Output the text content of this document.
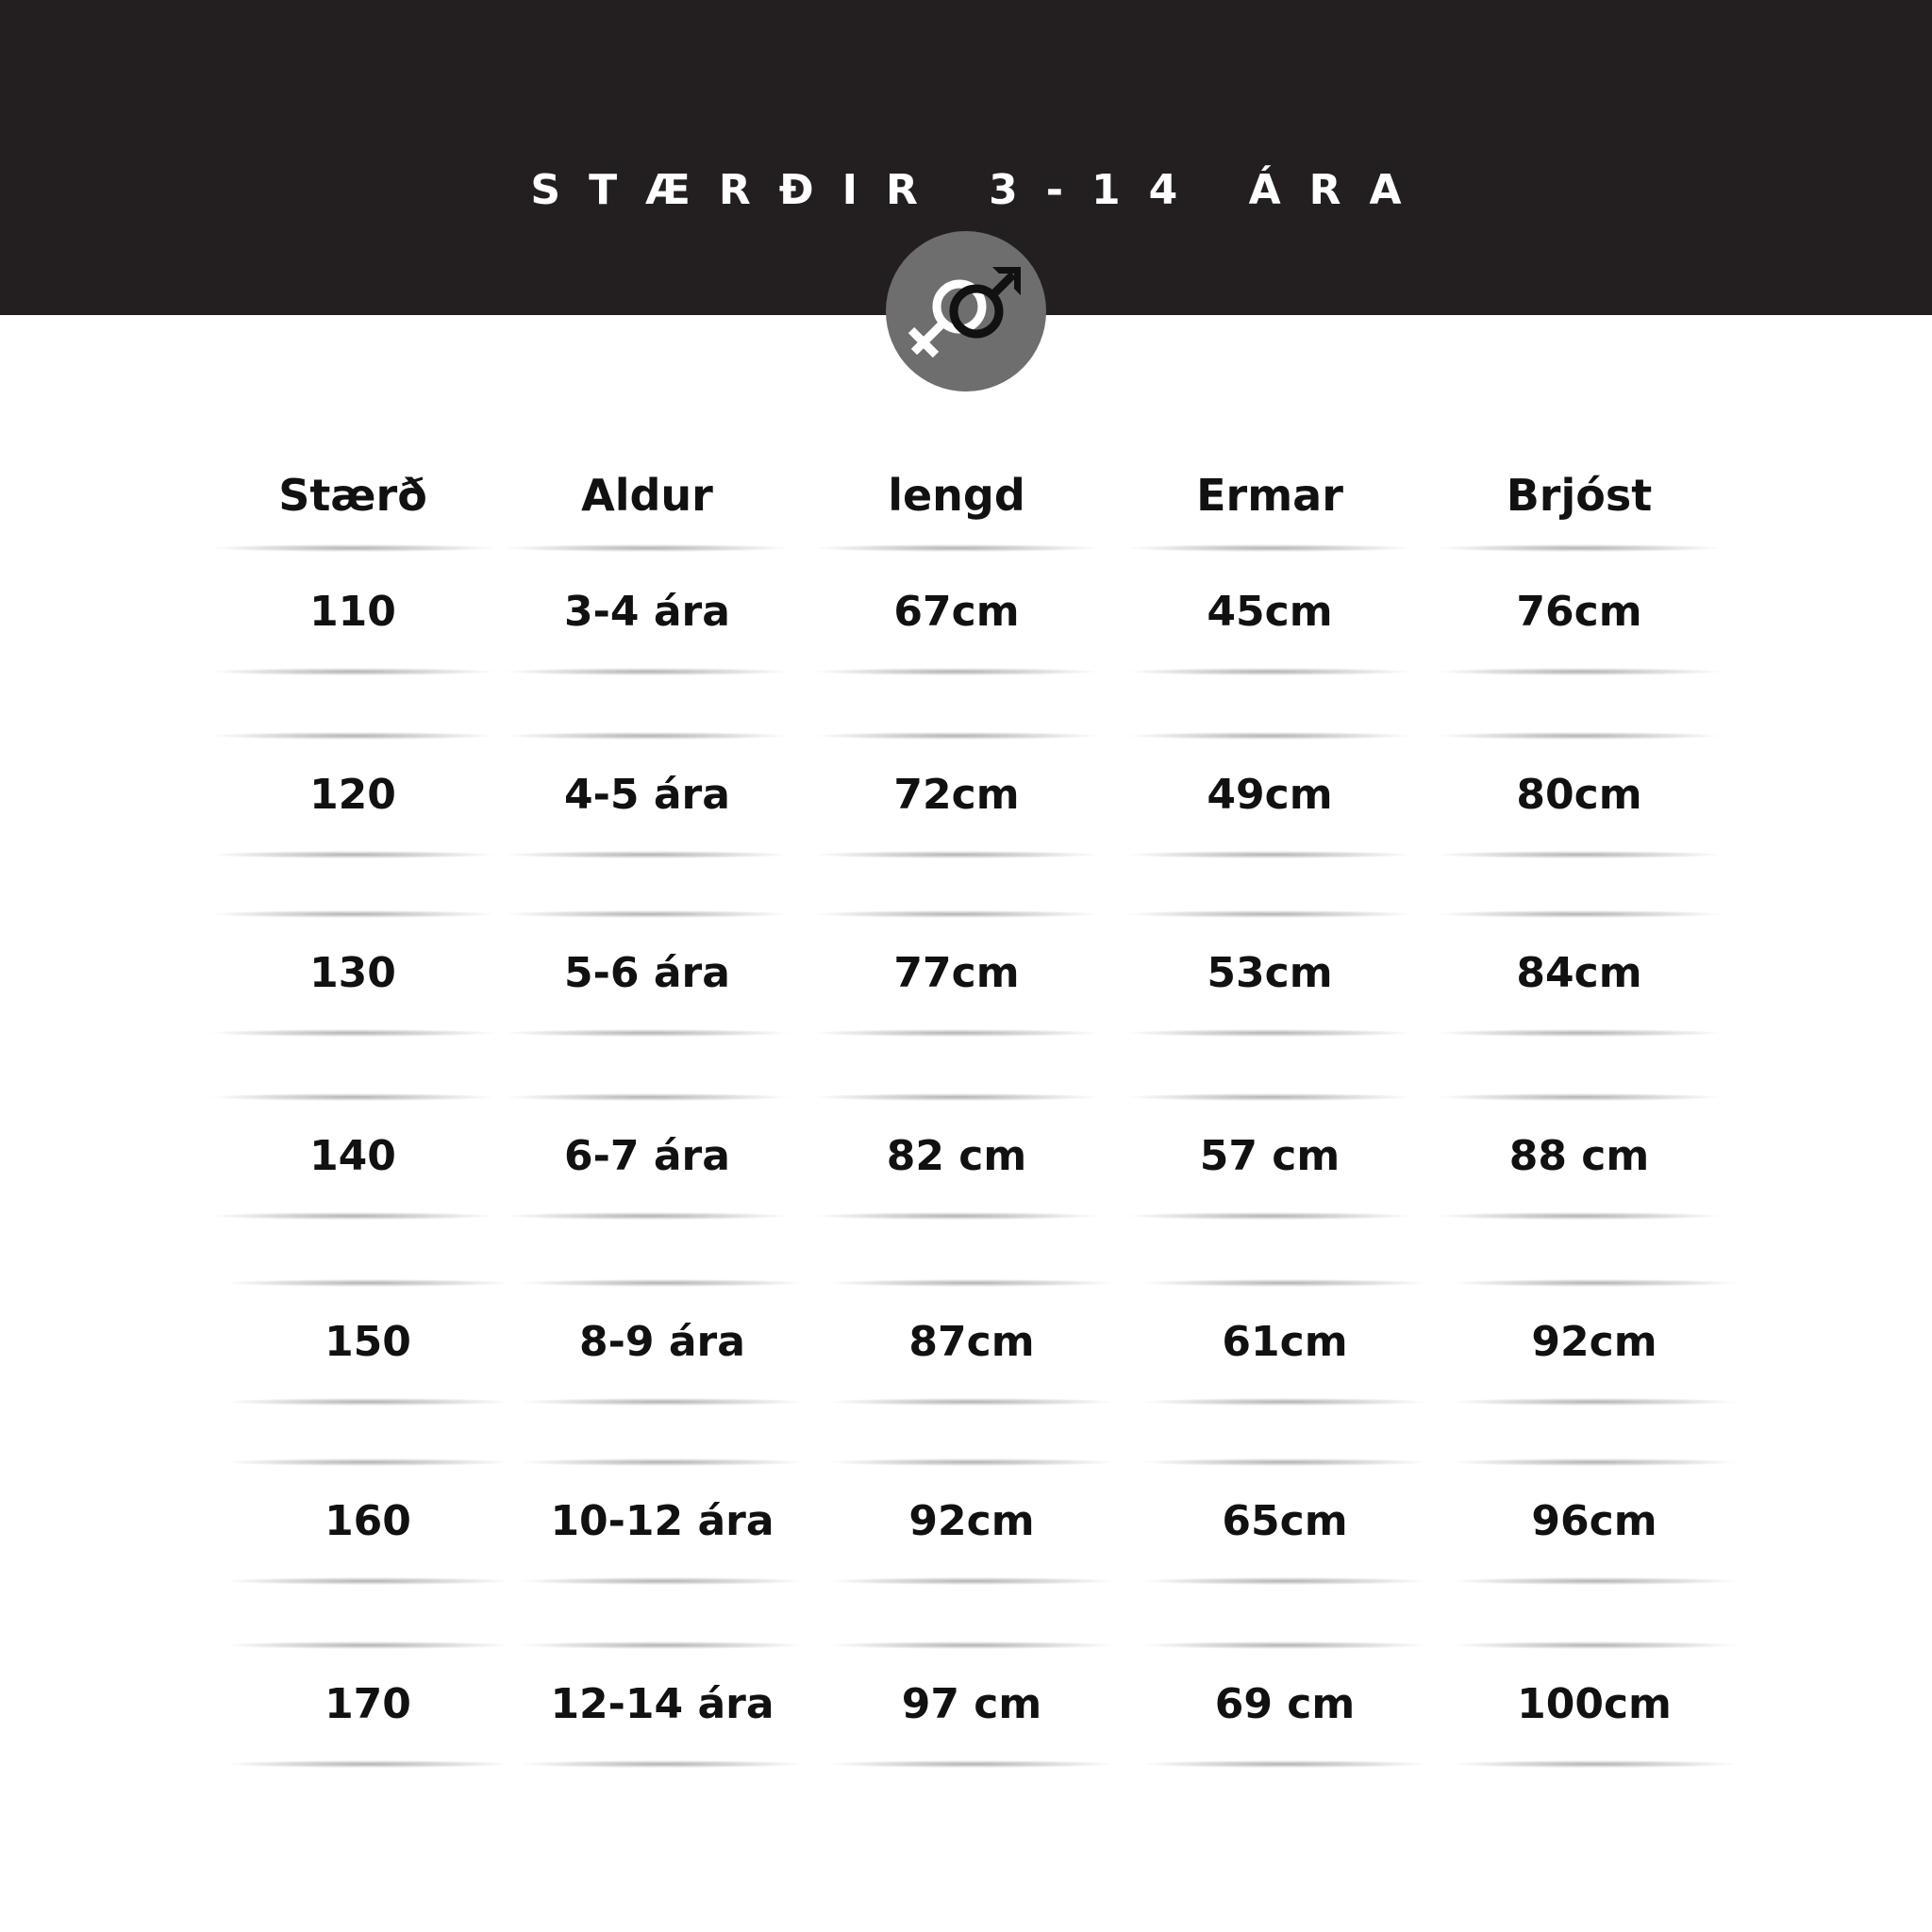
STÆRÐIR 3-14 ÁRA
Stærð	Aldur	lengd	Ermar	Brjóst
110	3-4 ára	67cm	45cm	76cm
120	4-5 ára	72cm	49cm	80cm
130	5-6 ára	77cm	53cm	84cm
140	6-7 ára	82 cm	57 cm	88 cm
150	8-9 ára	87cm	61cm	92cm
160	10-12 ára	92cm	65cm	96cm
170	12-14 ára	97 cm	69 cm	100cm
